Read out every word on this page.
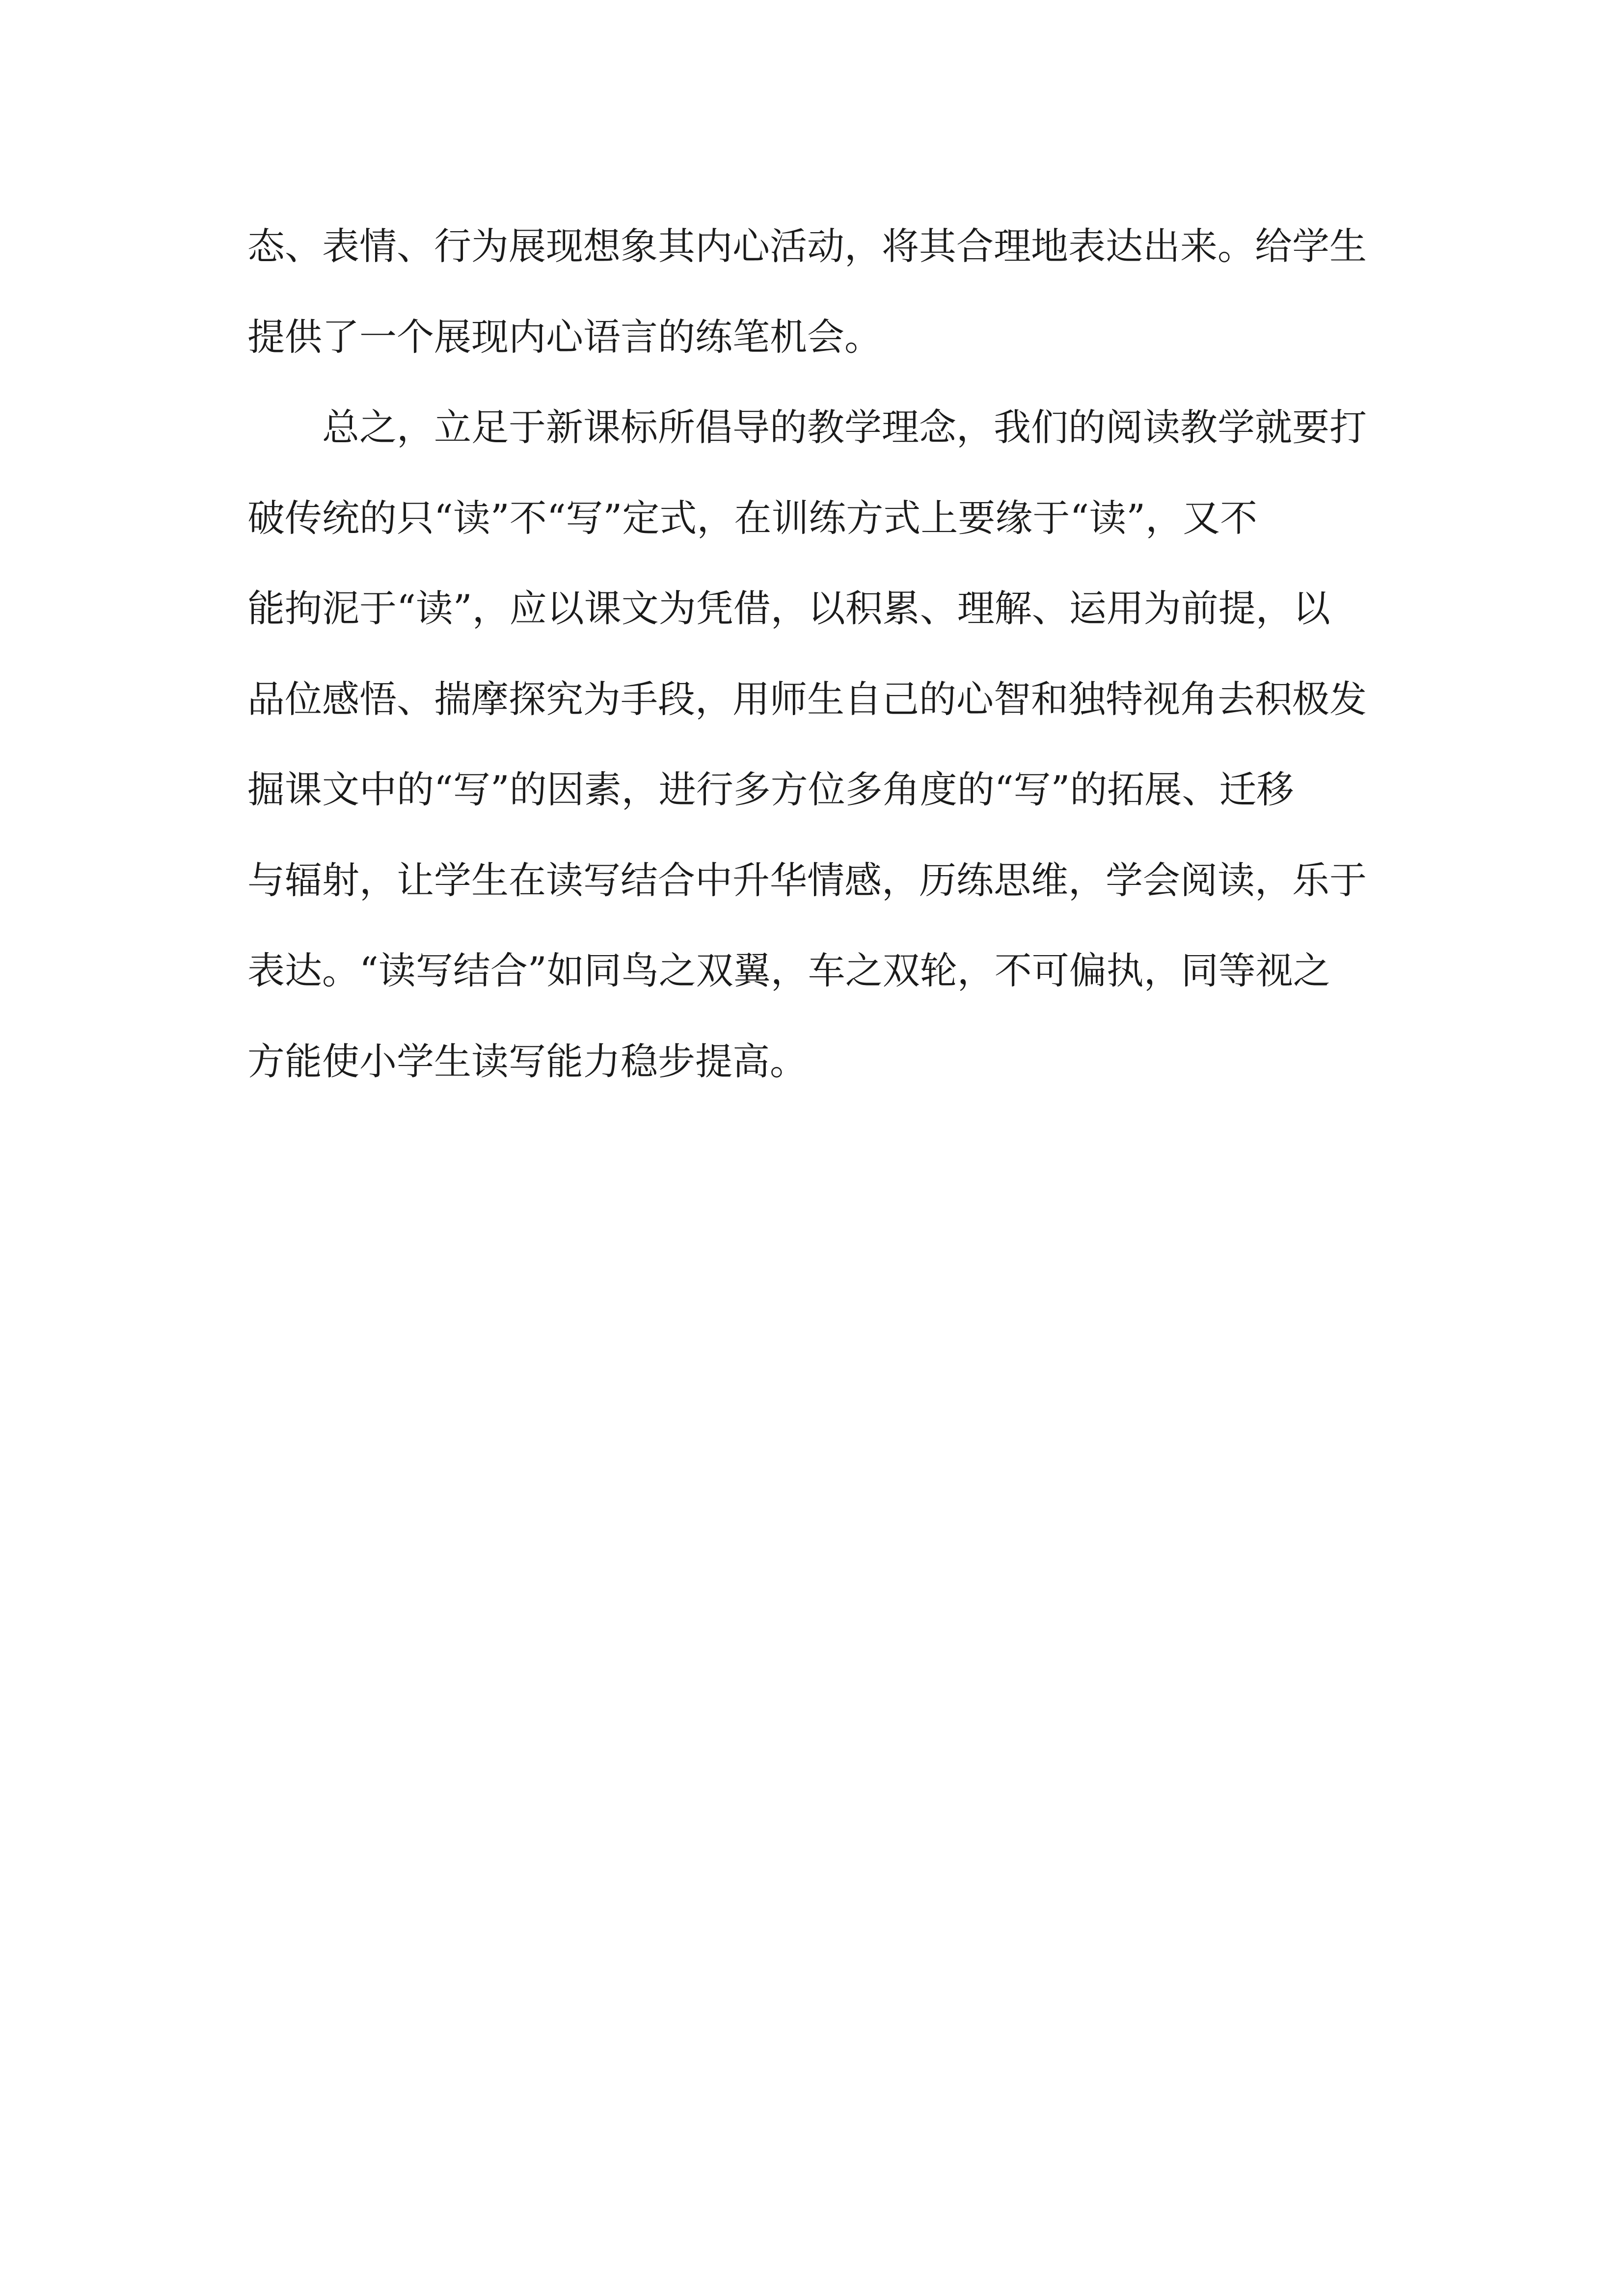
态、表情、行为展现想象其内心活动，将其合理地表达出来。给学生
提供了一个展现内心语言的练笔机会。
总之，立足于新课标所倡导的教学理念，我们的阅读教学就要打
破传统的只“读”不“写”定式，在训练方式上要缘于“读”，又不
能拘泥于“读”，应以课文为凭借，以积累、理解、运用为前提，以
品位感悟、揣摩探究为手段，用师生自己的心智和独特视角去积极发
掘课文中的“写”的因素，进行多方位多角度的“写”的拓展、迁移
与辐射，让学生在读写结合中升华情感，历练思维，学会阅读，乐于
表达。“读写结合”如同鸟之双翼，车之双轮，不可偏执，同等视之
方能使小学生读写能力稳步提高。
